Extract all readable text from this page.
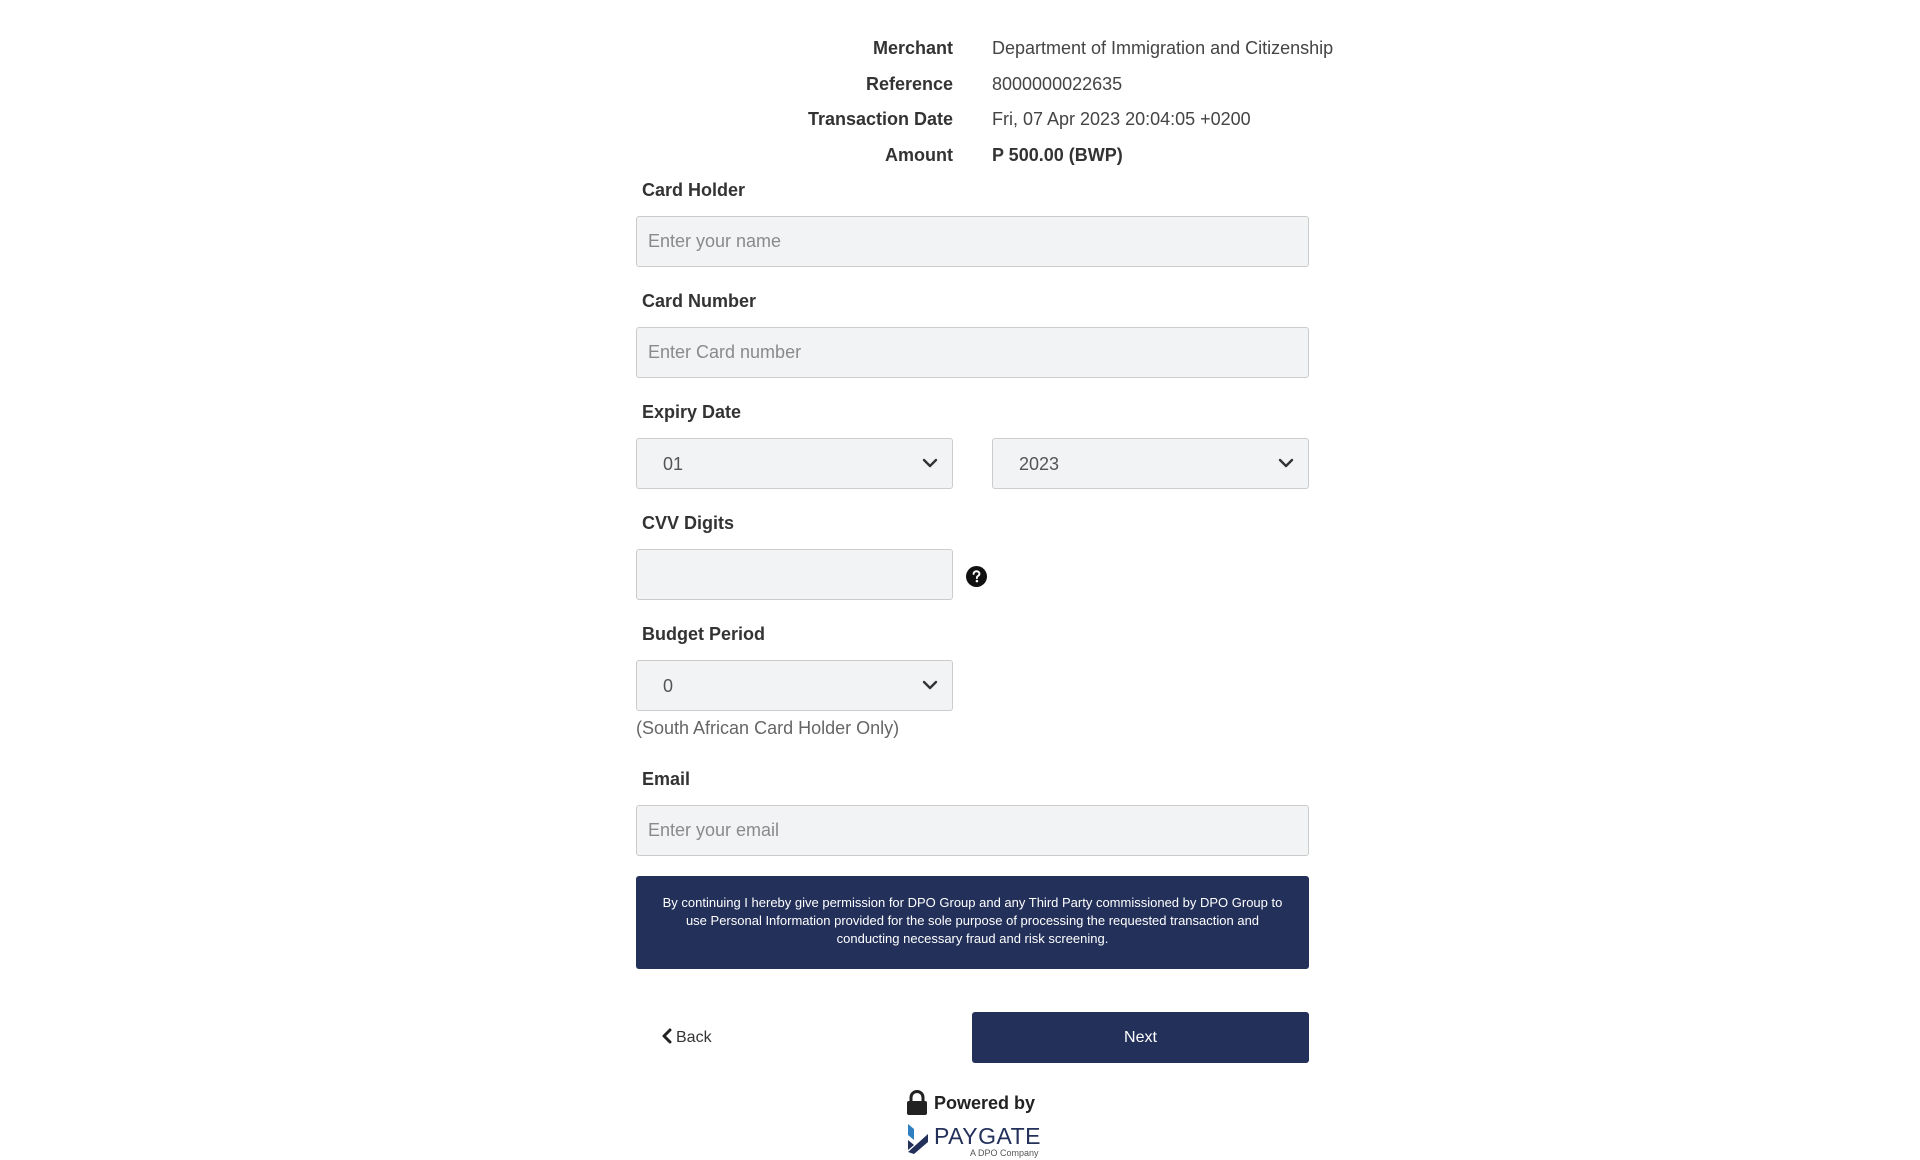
Merchant Department of Immigration and Citizenship
Reference 8000000022635
Transaction Date Fri, 07 Apr 2023 20:04:05 +0200
Amount P 500.00 (BWP)
Card Holder
Enter your name
Card Number
Enter Card number
Expiry Date
01	2023
CVV Digits
Budget Period
0
(South African Card Holder Only)
Email
Enter your email
By continuing I hereby give permission for DPO Group and any Third Party commissioned by DPO Group to use Personal Information provided for the sole purpose of processing the requested transaction and conducting necessary fraud and risk screening.
Back	Next
Powered by
PAYGATE
A DPO Company
